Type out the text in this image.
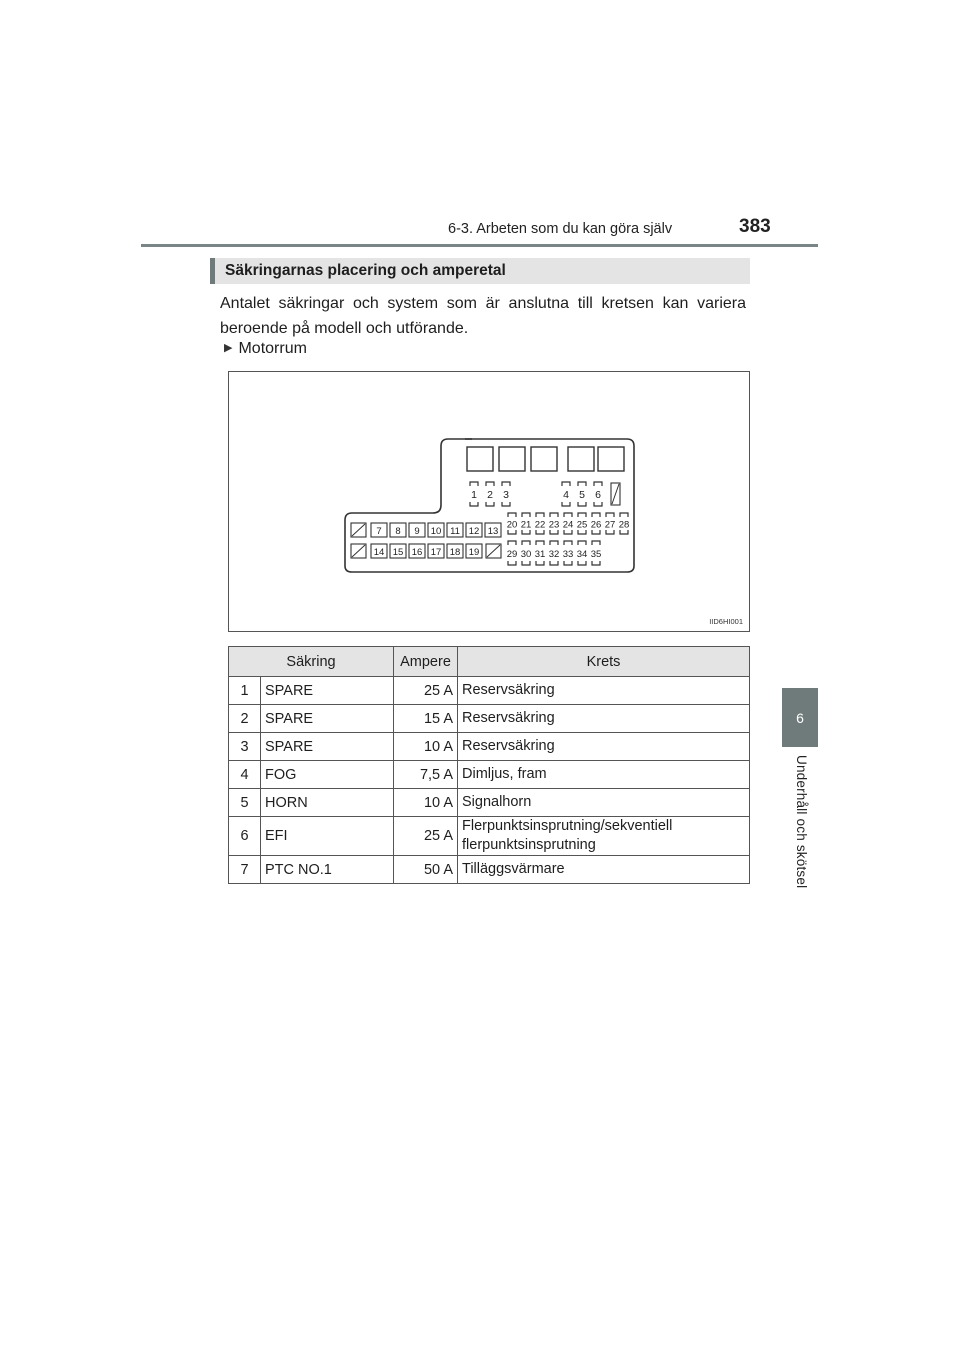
6-3. Arbeten som du kan göra själv	383
6
Underhåll och skötsel
Säkringarnas placering och amperetal
Antalet säkringar och system som är anslutna till kretsen kan variera beroende på modell och utförande.
▶ Motorrum
1 2 3	4 5 6
7 8 9 10 11 12 13
14 15 16 17 18 19
20 21 22 23 24 25 26 27 28
29 30 31 32 33 34 35
IID6HI001
Säkring		Ampere	Krets
1	SPARE	25 A	Reservsäkring
2	SPARE	15 A	Reservsäkring
3	SPARE	10 A	Reservsäkring
4	FOG	7,5 A	Dimljus, fram
5	HORN	10 A	Signalhorn
6	EFI	25 A	Flerpunktsinsprutning/sekventiell flerpunktsinsprutning
7	PTC NO.1	50 A	Tilläggsvärmare
